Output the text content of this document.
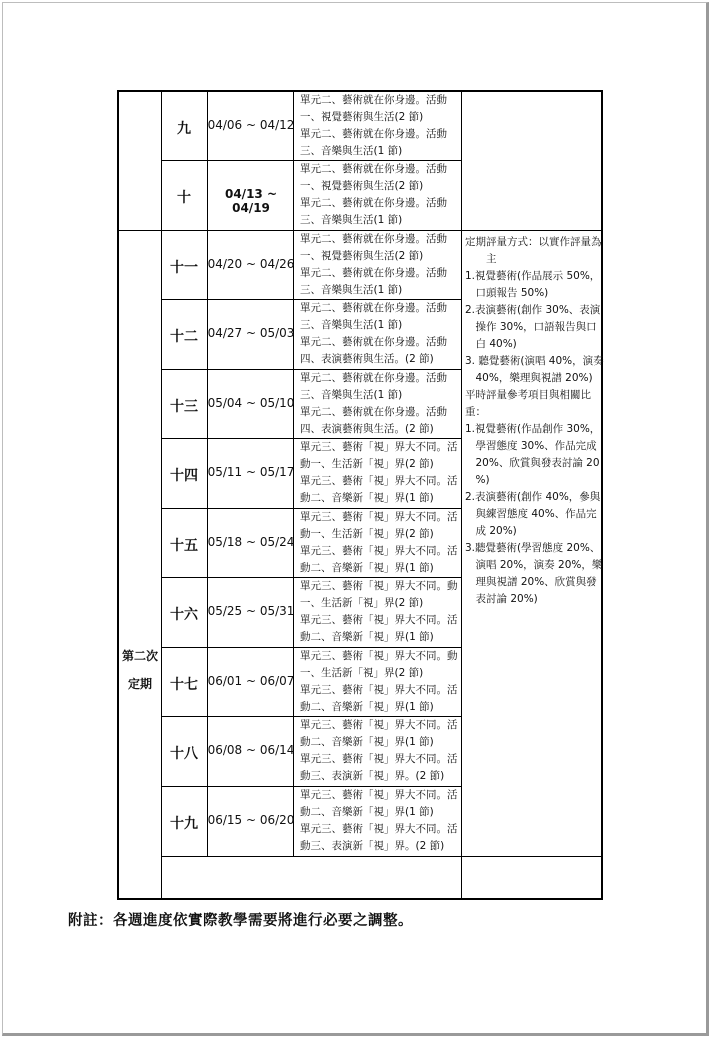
九	04/06 ~ 04/12
單元二、藝術就在你身邊。活動
一、視覺藝術與生活(2 節)
單元二、藝術就在你身邊。活動
三、音樂與生活(1 節)
十	04/13 ~ 04/19
單元二、藝術就在你身邊。活動
一、視覺藝術與生活(2 節)
單元二、藝術就在你身邊。活動
三、音樂與生活(1 節)
十一 04/20 ~ 04/26
單元二、藝術就在你身邊。活動
一、視覺藝術與生活(2 節)
單元二、藝術就在你身邊。活動
三、音樂與生活(1 節)
十二 04/27 ~ 05/03
單元二、藝術就在你身邊。活動
三、音樂與生活(1 節)
單元二、藝術就在你身邊。活動
四、表演藝術與生活。(2 節)
十三 05/04 ~ 05/10
單元二、藝術就在你身邊。活動
三、音樂與生活(1 節)
單元二、藝術就在你身邊。活動
四、表演藝術與生活。(2 節)
十四 05/11 ~ 05/17
單元三、藝術「視」界大不同。活
動一、生活新「視」界(2 節)
單元三、藝術「視」界大不同。活
動二、音樂新「視」界(1 節)
十五 05/18 ~ 05/24
單元三、藝術「視」界大不同。活
動一、生活新「視」界(2 節)
單元三、藝術「視」界大不同。活
動二、音樂新「視」界(1 節)
十六 05/25 ~ 05/31
單元三、藝術「視」界大不同。動
一、生活新「視」界(2 節)
單元三、藝術「視」界大不同。活
動二、音樂新「視」界(1 節)
十七 06/01 ~ 06/07
單元三、藝術「視」界大不同。動
一、生活新「視」界(2 節)
單元三、藝術「視」界大不同。活
動二、音樂新「視」界(1 節)
十八 06/08 ~ 06/14
單元三、藝術「視」界大不同。活
動二、音樂新「視」界(1 節)
單元三、藝術「視」界大不同。活
動三、表演新「視」界。(2 節)
十九 06/15 ~ 06/20
單元三、藝術「視」界大不同。活
動二、音樂新「視」界(1 節)
單元三、藝術「視」界大不同。活
動三、表演新「視」界。(2 節)
第二次
定期
定期評量方式：以實作評量為
　　主
1.視覺藝術(作品展示 50%，
　口頭報告 50%)
2.表演藝術(創作 30%、表演
　操作 30%，口語報告與口
　白 40%)
3. 聽覺藝術(演唱 40%，演奏
　40%，樂理與視譜 20%)
平時評量參考項目與相關比
重：
1.視覺藝術(作品創作 30%，
　學習態度 30%、作品完成
　20%、欣賞與發表討論 20
　%)
2.表演藝術(創作 40%，參與
　與練習態度 40%、作品完
　成 20%)
3.聽覺藝術(學習態度 20%、
　演唱 20%，演奏 20%，樂
　理與視譜 20%、欣賞與發
　表討論 20%)
附註：各週進度依實際教學需要將進行必要之調整。
